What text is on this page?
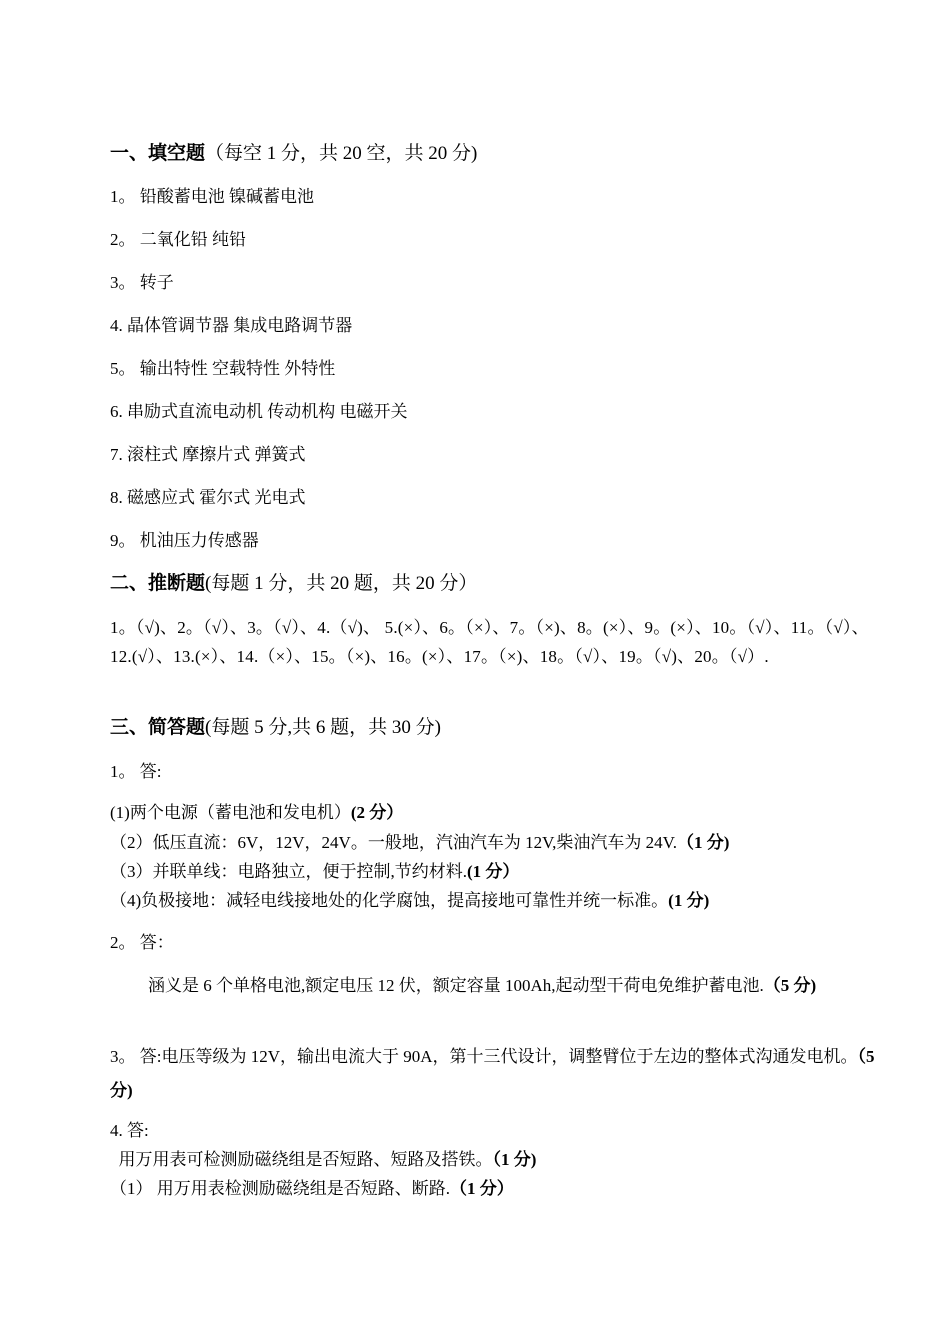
一、填空题（每空 1 分，共 20 空，共 20 分)
1。 铅酸蓄电池 镍碱蓄电池
2。 二氧化铅 纯铅
3。 转子
4. 晶体管调节器 集成电路调节器
5。 输出特性 空载特性 外特性
6. 串励式直流电动机 传动机构 电磁开关
7. 滚柱式 摩擦片式 弹簧式
8. 磁感应式 霍尔式 光电式
9。 机油压力传感器
二、推断题(每题 1 分，共 20 题，共 20 分）
1。（√)、2。（√）、3。（√）、4.（√)、 5.(×）、6。（×）、7。（×)、8。(×）、9。(×）、10。（√）、11。（√）、12.(√）、13.(×）、14.（×）、15。（×)、16。(×）、17。（×)、18。（√）、19。（√)、20。（√）.
三、简答题(每题 5 分,共 6 题，共 30 分)
1。 答:
(1)两个电源（蓄电池和发电机）(2 分）
（2）低压直流：6V，12V，24V。一般地，汽油汽车为 12V,柴油汽车为 24V.（1 分)
（3）并联单线：电路独立，便于控制,节约材料.(1 分）
（4)负极接地：减轻电线接地处的化学腐蚀，提高接地可靠性并统一标准。(1 分)
2。 答：
涵义是 6 个单格电池,额定电压 12 伏，额定容量 100Ah,起动型干荷电免维护蓄电池.（5 分)
3。 答:电压等级为 12V，输出电流大于 90A，第十三代设计，调整臂位于左边的整体式沟通发电机。（5 分)
4. 答:
用万用表可检测励磁绕组是否短路、短路及搭铁。（1 分)
（1） 用万用表检测励磁绕组是否短路、断路.（1 分）
